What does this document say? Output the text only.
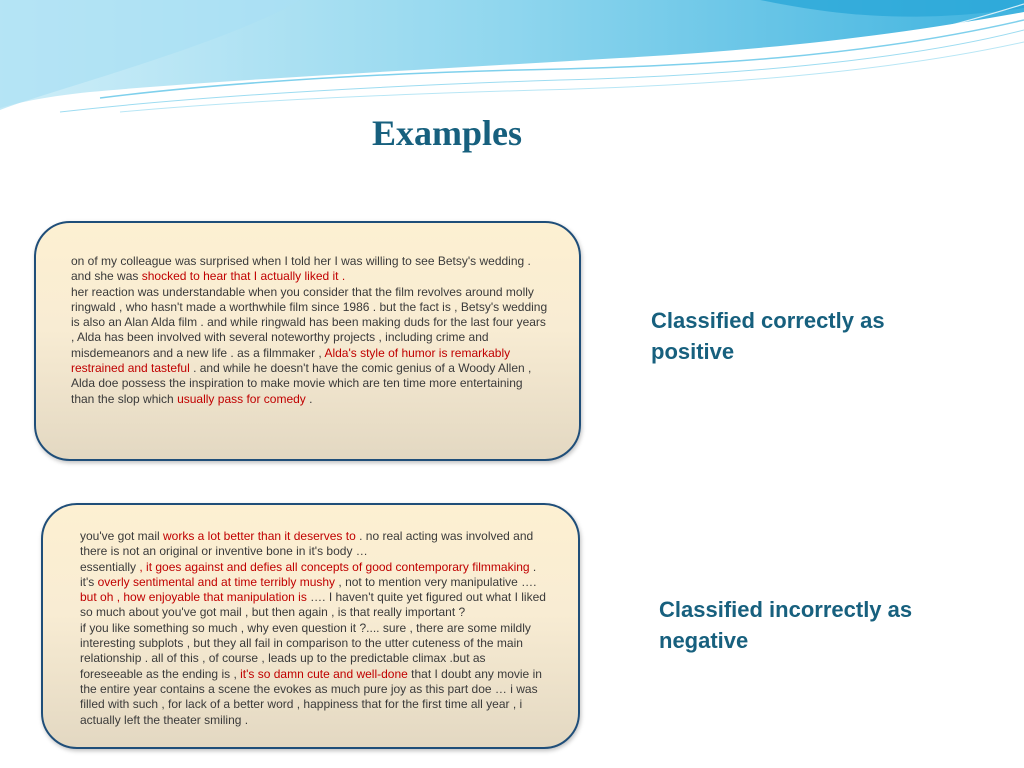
Examples

on of my colleague was surprised when I told her I was willing to see Betsy's wedding . and she was shocked to hear that I actually liked it .

her reaction was understandable when you consider that the film revolves around molly ringwald , who hasn't made a worthwhile film since 1986 . but the fact is , Betsy's wedding is also an Alan Alda film . and while ringwald has been making duds for the last four years , Alda has been involved with several noteworthy projects , including crime and misdemeanors and a new life . as a filmmaker , Alda's style of humor is remarkably restrained and tasteful . and while he doesn't have the comic genius of a Woody Allen , Alda doe possess the inspiration to make movie which are ten time more entertaining than the slop which usually pass for comedy .

Classified correctly as positive

you've got mail works a lot better than it deserves to . no real acting was involved and there is not an original or inventive bone in it's body …

essentially , it goes against and defies all concepts of good contemporary filmmaking . it's overly sentimental and at time terribly mushy , not to mention very manipulative ….

but oh , how enjoyable that manipulation is …. I haven't quite yet figured out what I liked so much about you've got mail , but then again , is that really important ?

if you like something so much , why even question it ?.... sure , there are some mildly interesting subplots , but they all fail in comparison to the utter cuteness of the main relationship . all of this , of course , leads up to the predictable climax .but as foreseeable as the ending is , it's so damn cute and well-done that I doubt any movie in the entire year contains a scene the evokes as much pure joy as this part doe … i was filled with such , for lack of a better word , happiness that for the first time all year , i actually left the theater smiling .

Classified incorrectly as negative
